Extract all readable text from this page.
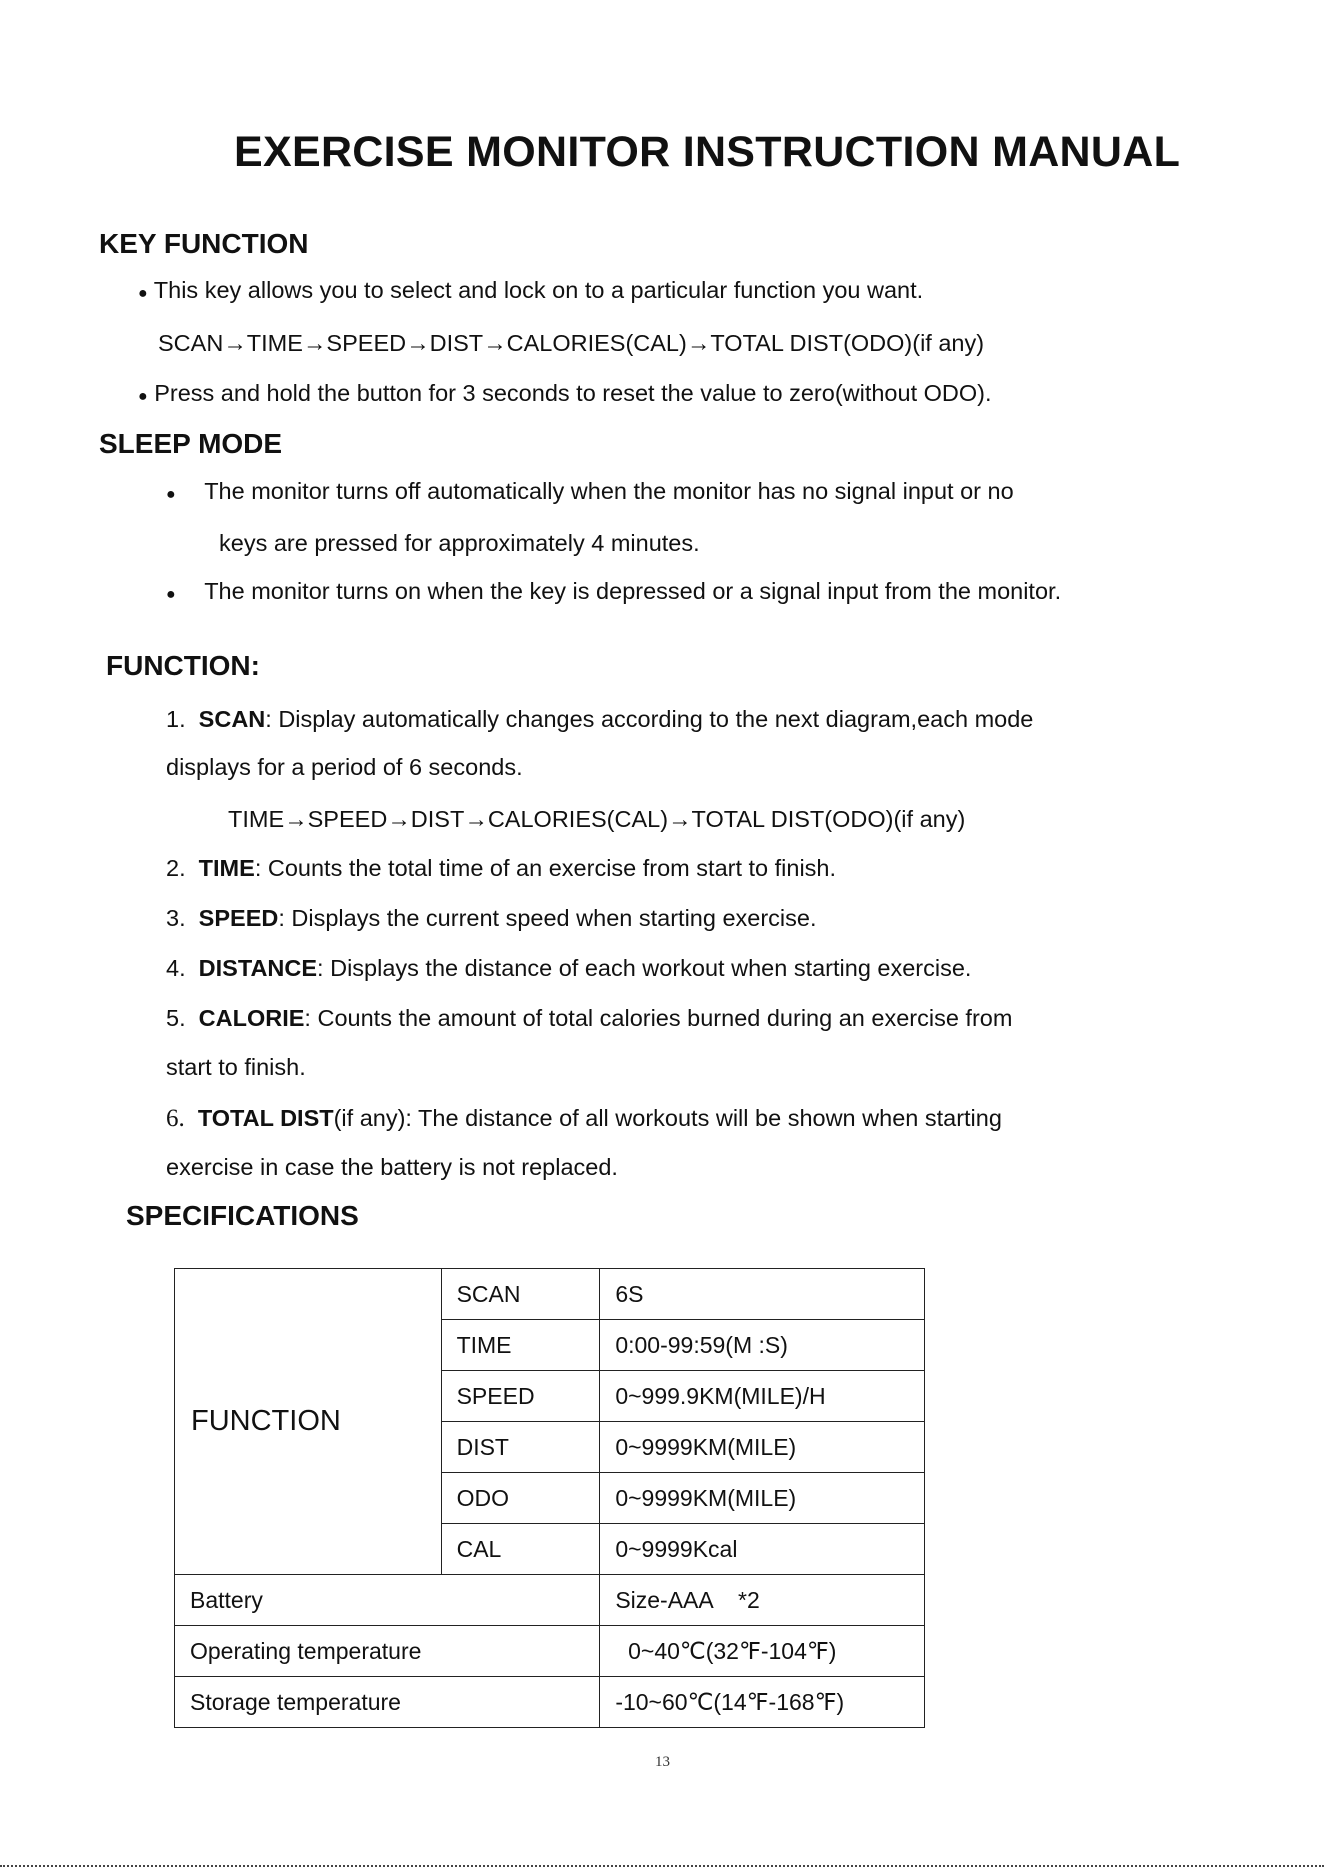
EXERCISE MONITOR INSTRUCTION MANUAL
KEY FUNCTION
● This key allows you to select and lock on to a particular function you want.
SCAN→TIME→SPEED→DIST→CALORIES(CAL)→TOTAL DIST(ODO)(if any)
● Press and hold the button for 3 seconds to reset the value to zero(without ODO).
SLEEP MODE
● The monitor turns off automatically when the monitor has no signal input or no
keys are pressed for approximately 4 minutes.
● The monitor turns on when the key is depressed or a signal input from the monitor.
FUNCTION:
1. SCAN: Display automatically changes according to the next diagram,each mode
displays for a period of 6 seconds.
TIME→SPEED→DIST→CALORIES(CAL)→TOTAL DIST(ODO)(if any)
2. TIME: Counts the total time of an exercise from start to finish.
3. SPEED: Displays the current speed when starting exercise.
4. DISTANCE: Displays the distance of each workout when starting exercise.
5. CALORIE: Counts the amount of total calories burned during an exercise from
start to finish.
6. TOTAL DIST(if any): The distance of all workouts will be shown when starting
exercise in case the battery is not replaced.
SPECIFICATIONS
FUNCTION	SCAN	6S
	TIME	0:00-99:59(M :S)
	SPEED	0~999.9KM(MILE)/H
	DIST	0~9999KM(MILE)
	ODO	0~9999KM(MILE)
	CAL	0~9999Kcal
Battery		Size-AAA    *2
Operating temperature		0~40℃(32℉-104℉)
Storage temperature		-10~60℃(14℉-168℉)
13
